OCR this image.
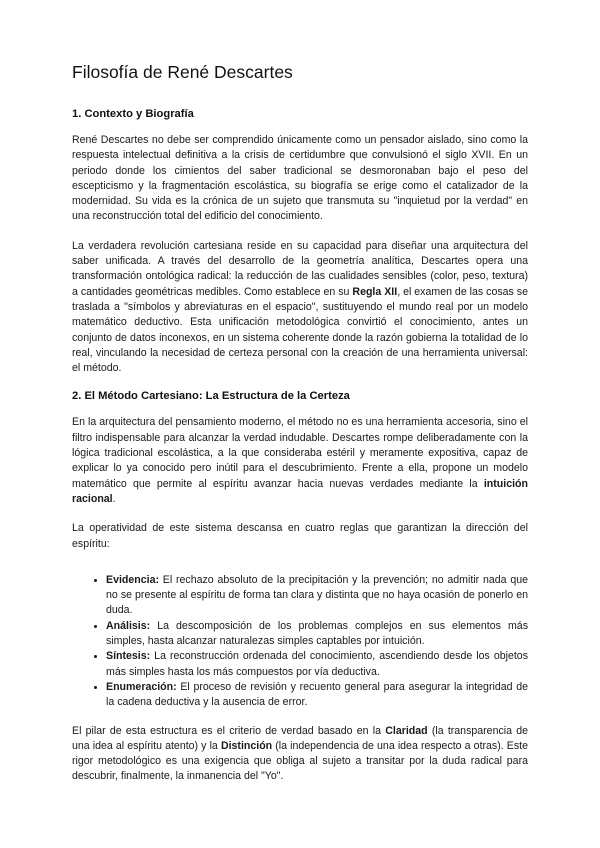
Filosofía de René Descartes
1. Contexto y Biografía

René Descartes no debe ser comprendido únicamente como un pensador aislado, sino como la respuesta intelectual definitiva a la crisis de certidumbre que convulsionó el siglo XVII. En un periodo donde los cimientos del saber tradicional se desmoronaban bajo el peso del escepticismo y la fragmentación escolástica, su biografía se erige como el catalizador de la modernidad. Su vida es la crónica de un sujeto que transmuta su "inquietud por la verdad" en una reconstrucción total del edificio del conocimiento.

La verdadera revolución cartesiana reside en su capacidad para diseñar una arquitectura del saber unificada. A través del desarrollo de la geometría analítica, Descartes opera una transformación ontológica radical: la reducción de las cualidades sensibles (color, peso, textura) a cantidades geométricas medibles. Como establece en su Regla XII, el examen de las cosas se traslada a "símbolos y abreviaturas en el espacio", sustituyendo el mundo real por un modelo matemático deductivo. Esta unificación metodológica convirtió el conocimiento, antes un conjunto de datos inconexos, en un sistema coherente donde la razón gobierna la totalidad de lo real, vinculando la necesidad de certeza personal con la creación de una herramienta universal: el método.

2. El Método Cartesiano: La Estructura de la Certeza

En la arquitectura del pensamiento moderno, el método no es una herramienta accesoria, sino el filtro indispensable para alcanzar la verdad indudable. Descartes rompe deliberadamente con la lógica tradicional escolástica, a la que consideraba estéril y meramente expositiva, capaz de explicar lo ya conocido pero inútil para el descubrimiento. Frente a ella, propone un modelo matemático que permite al espíritu avanzar hacia nuevas verdades mediante la intuición racional.

La operatividad de este sistema descansa en cuatro reglas que garantizan la dirección del espíritu:

• Evidencia: El rechazo absoluto de la precipitación y la prevención; no admitir nada que no se presente al espíritu de forma tan clara y distinta que no haya ocasión de ponerlo en duda.
• Análisis: La descomposición de los problemas complejos en sus elementos más simples, hasta alcanzar naturalezas simples captables por intuición.
• Síntesis: La reconstrucción ordenada del conocimiento, ascendiendo desde los objetos más simples hasta los más compuestos por vía deductiva.
• Enumeración: El proceso de revisión y recuento general para asegurar la integridad de la cadena deductiva y la ausencia de error.

El pilar de esta estructura es el criterio de verdad basado en la Claridad (la transparencia de una idea al espíritu atento) y la Distinción (la independencia de una idea respecto a otras). Este rigor metodológico es una exigencia que obliga al sujeto a transitar por la duda radical para descubrir, finalmente, la inmanencia del "Yo".
